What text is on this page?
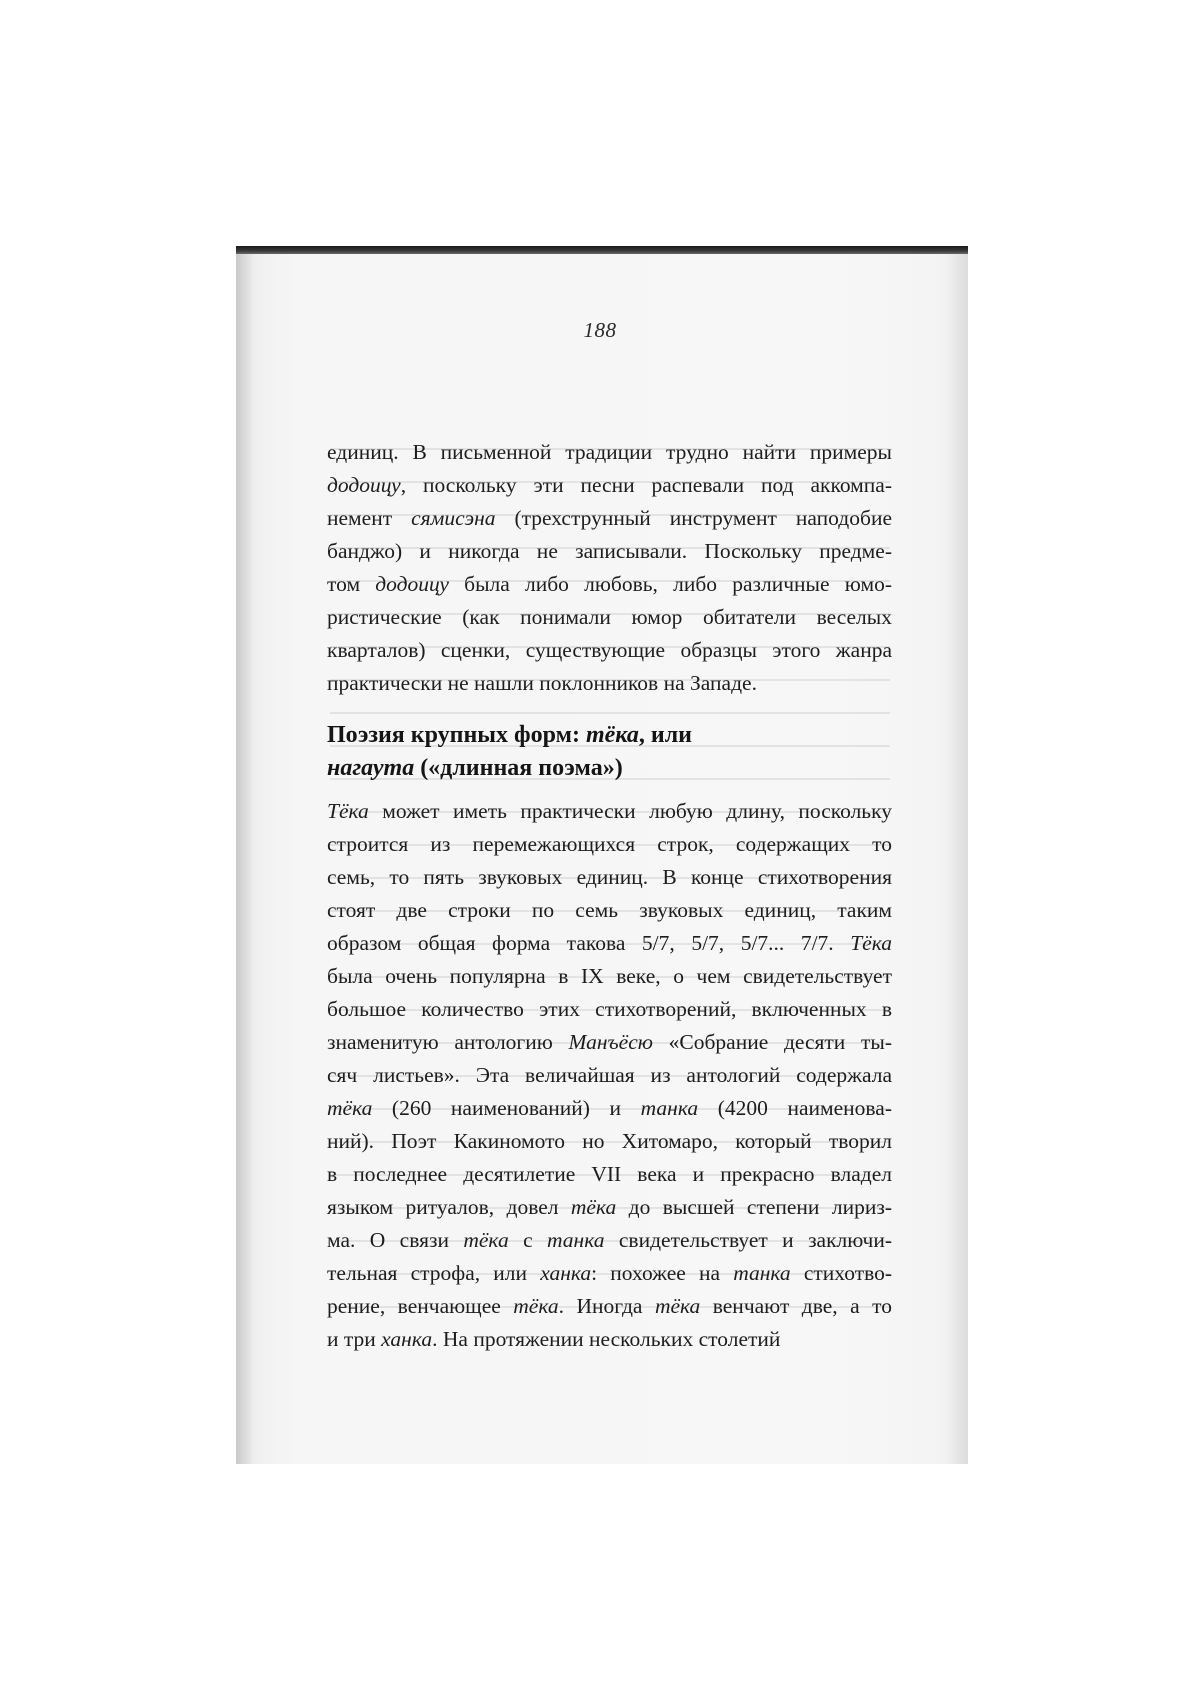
188
единиц. В письменной традиции трудно найти примеры
додоицу, поскольку эти песни распевали под аккомпа-
немент сямисэна (трехструнный инструмент наподобие
банджо) и никогда не записывали. Поскольку предме-
том додоицу была либо любовь, либо различные юмо-
ристические (как понимали юмор обитатели веселых
кварталов) сценки, существующие образцы этого жанра
практически не нашли поклонников на Западе.
Поэзия крупных форм: тёка, или
нагаута («длинная поэма»)
Тёка может иметь практически любую длину, поскольку
строится из перемежающихся строк, содержащих то
семь, то пять звуковых единиц. В конце стихотворения
стоят две строки по семь звуковых единиц, таким
образом общая форма такова 5/7, 5/7, 5/7... 7/7. Тёка
была очень популярна в IX веке, о чем свидетельствует
большое количество этих стихотворений, включенных в
знаменитую антологию Манъёсю «Собрание десяти ты-
сяч листьев». Эта величайшая из антологий содержала
тёка (260 наименований) и танка (4200 наименова-
ний). Поэт Какиномото но Хитомаро, который творил
в последнее десятилетие VII века и прекрасно владел
языком ритуалов, довел тёка до высшей степени лириз-
ма. О связи тёка с танка свидетельствует и заключи-
тельная строфа, или ханка: похожее на танка стихотво-
рение, венчающее тёка. Иногда тёка венчают две, а то
и три ханка. На протяжении нескольких столетий
